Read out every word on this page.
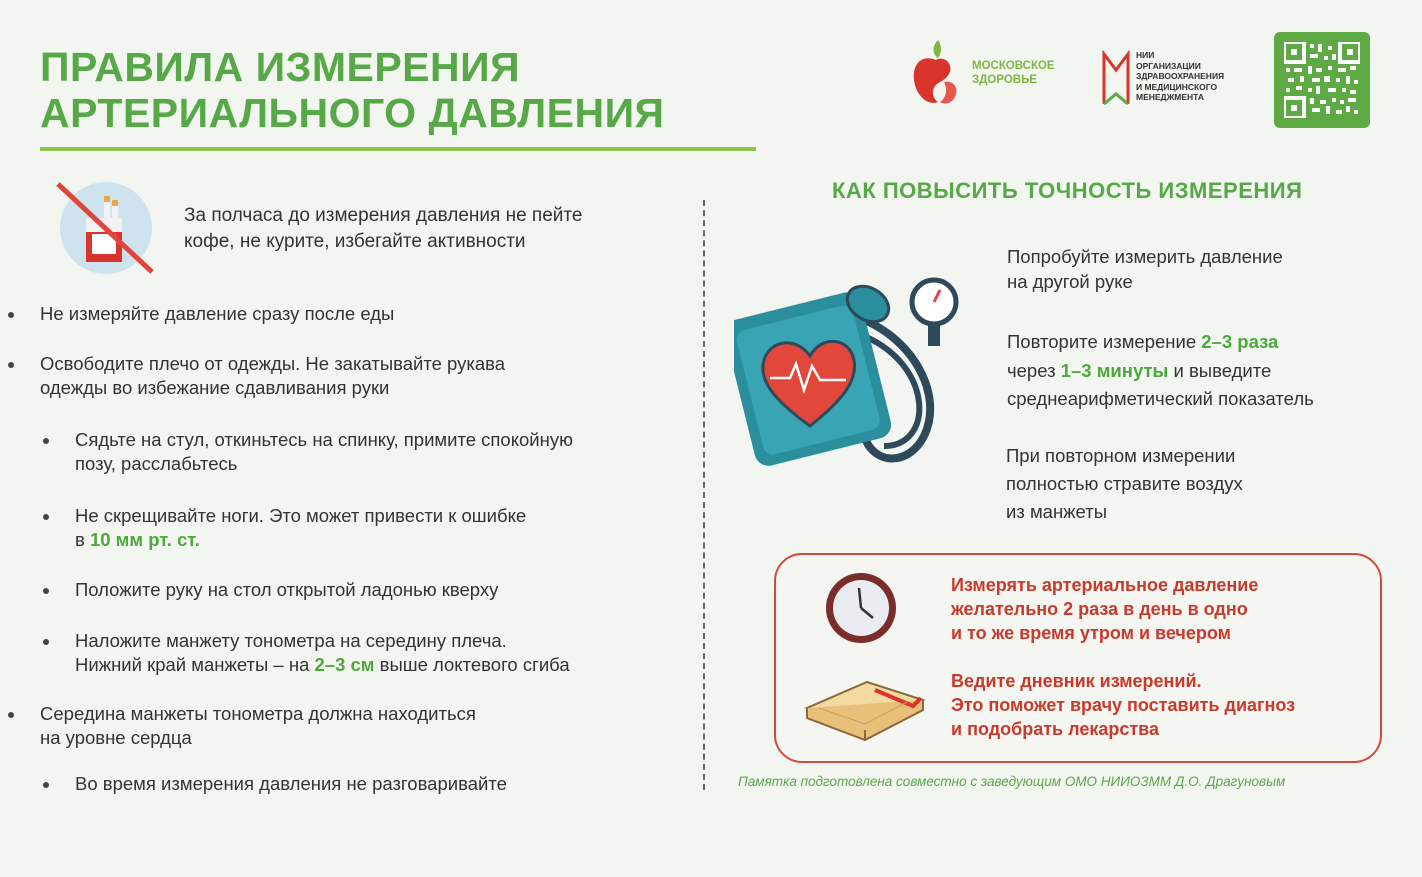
ПРАВИЛА ИЗМЕРЕНИЯ
АРТЕРИАЛЬНОГО ДАВЛЕНИЯ
МОСКОВСКОЕ
ЗДОРОВЬЕ
НИИ
ОРГАНИЗАЦИИ
ЗДРАВООХРАНЕНИЯ
И МЕДИЦИНСКОГО
МЕНЕДЖМЕНТА
За полчаса до измерения давления не пейте
кофе, не курите, избегайте активности
Не измеряйте давление сразу после еды
Освободите плечо от одежды. Не закатывайте рукава
одежды во избежание сдавливания руки
Сядьте на стул, откиньтесь на спинку, примите спокойную
позу, расслабьтесь
Не скрещивайте ноги. Это может привести к ошибке
в 10 мм рт. ст.
Положите руку на стол открытой ладонью кверху
Наложите манжету тонометра на середину плеча.
Нижний край манжеты – на 2–3 см выше локтевого сгиба
Середина манжеты тонометра должна находиться
на уровне сердца
Во время измерения давления не разговаривайте
КАК ПОВЫСИТЬ ТОЧНОСТЬ ИЗМЕРЕНИЯ
Попробуйте измерить давление
на другой руке
Повторите измерение 2–3 раза
через 1–3 минуты и выведите
среднеарифметический показатель
При повторном измерении
полностью стравите воздух
из манжеты
Измерять артериальное давление
желательно 2 раза в день в одно
и то же время утром и вечером
Ведите дневник измерений.
Это поможет врачу поставить диагноз
и подобрать лекарства
Памятка подготовлена совместно с заведующим ОМО НИИОЗММ Д.О. Драгуновым
